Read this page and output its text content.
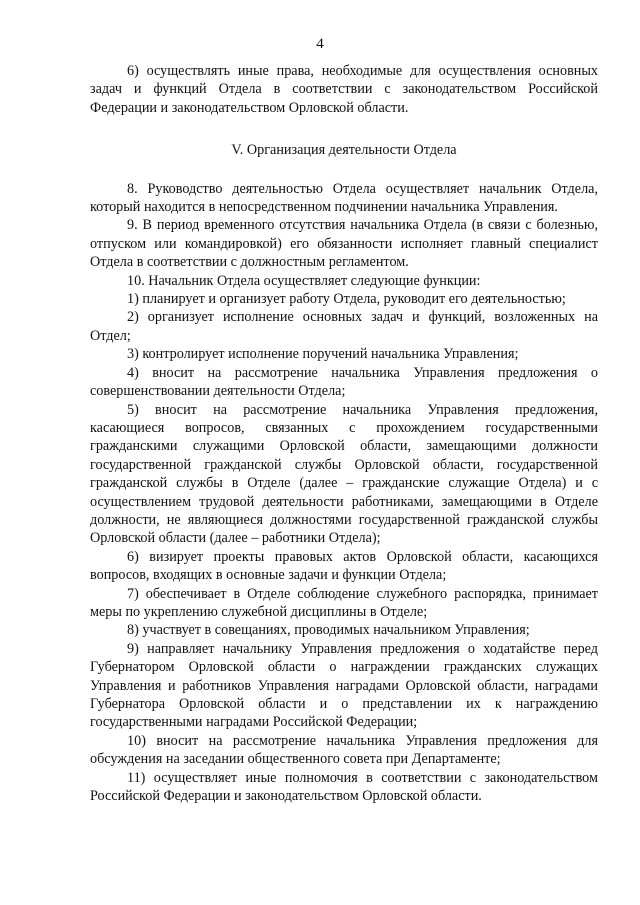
4

6) осуществлять иные права, необходимые для осуществления основных задач и функций Отдела в соответствии с законодательством Российской Федерации и законодательством Орловской области.

V. Организация деятельности Отдела

8. Руководство деятельностью Отдела осуществляет начальник Отдела, который находится в непосредственном подчинении начальника Управления.

9. В период временного отсутствия начальника Отдела (в связи с болезнью, отпуском или командировкой) его обязанности исполняет главный специалист Отдела в соответствии с должностным регламентом.

10. Начальник Отдела осуществляет следующие функции:

1) планирует и организует работу Отдела, руководит его деятельностью;

2) организует исполнение основных задач и функций, возложенных на Отдел;

3) контролирует исполнение поручений начальника Управления;

4) вносит на рассмотрение начальника Управления предложения о совершенствовании деятельности Отдела;

5) вносит на рассмотрение начальника Управления предложения, касающиеся вопросов, связанных с прохождением государственными гражданскими служащими Орловской области, замещающими должности государственной гражданской службы Орловской области, государственной гражданской службы в Отделе (далее – гражданские служащие Отдела) и с осуществлением трудовой деятельности работниками, замещающими в Отделе должности, не являющиеся должностями государственной гражданской службы Орловской области (далее – работники Отдела);

6) визирует проекты правовых актов Орловской области, касающихся вопросов, входящих в основные задачи и функции Отдела;

7) обеспечивает в Отделе соблюдение служебного распорядка, принимает меры по укреплению служебной дисциплины в Отделе;

8) участвует в совещаниях, проводимых начальником Управления;

9) направляет начальнику Управления предложения о ходатайстве перед Губернатором Орловской области о награждении гражданских служащих Управления и работников Управления наградами Орловской области, наградами Губернатора Орловской области и о представлении их к награждению государственными наградами Российской Федерации;

10) вносит на рассмотрение начальника Управления предложения для обсуждения на заседании общественного совета при Департаменте;

11) осуществляет иные полномочия в соответствии с законодательством Российской Федерации и законодательством Орловской области.
